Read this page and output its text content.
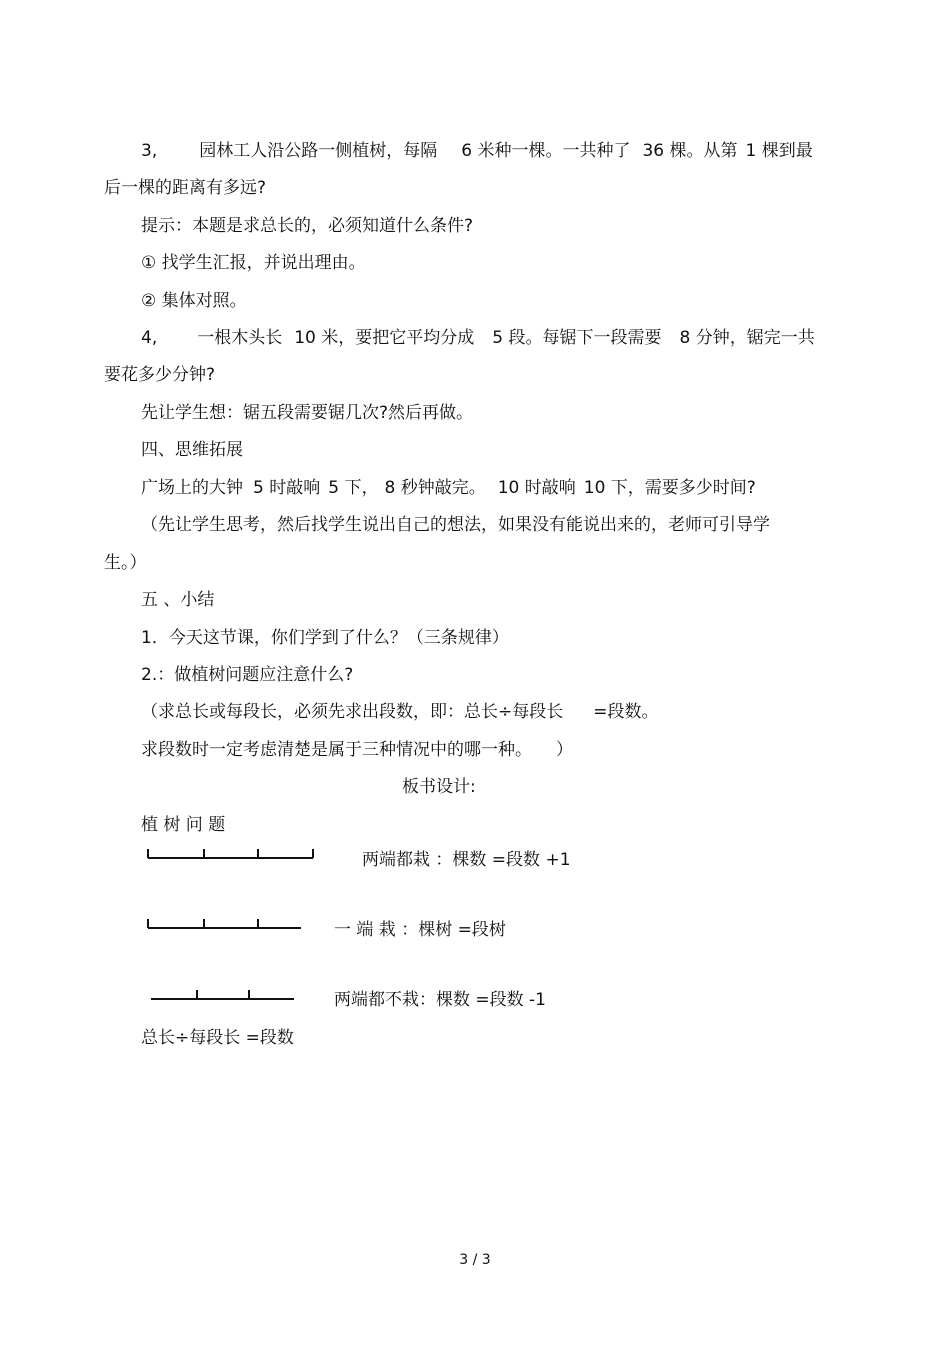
3, 园林工人沿公路一侧植树，每隔 6 米种一棵。一共种了 36 棵。从第 1 棵到最
后一棵的距离有多远?
提示：本题是求总长的，必须知道什么条件?
① 找学生汇报，并说出理由。
② 集体对照。
4, 一根木头长 10 米，要把它平均分成 5 段。每锯下一段需要 8 分钟，锯完一共
要花多少分钟?
先让学生想：锯五段需要锯几次?然后再做。
四、思维拓展
广场上的大钟 5 时敲响 5 下， 8 秒钟敲完。 10 时敲响 10 下，需要多少时间?
（先让学生思考，然后找学生说出自己的想法，如果没有能说出来的，老师可引导学
生。）
五 、小结
1．今天这节课，你们学到了什么？（三条规律）
2.：做植树问题应注意什么?
（求总长或每段长，必须先求出段数，即：总长÷每段长 =段数。
求段数时一定考虑清楚是属于三种情况中的哪一种。 ）
板书设计:
植 树 问 题
两端都栽 ：棵数 =段数 +1
一 端 栽 ：棵树 =段树
两端都不栽：棵数 =段数 -1
总长÷每段长 =段数
3 / 3
